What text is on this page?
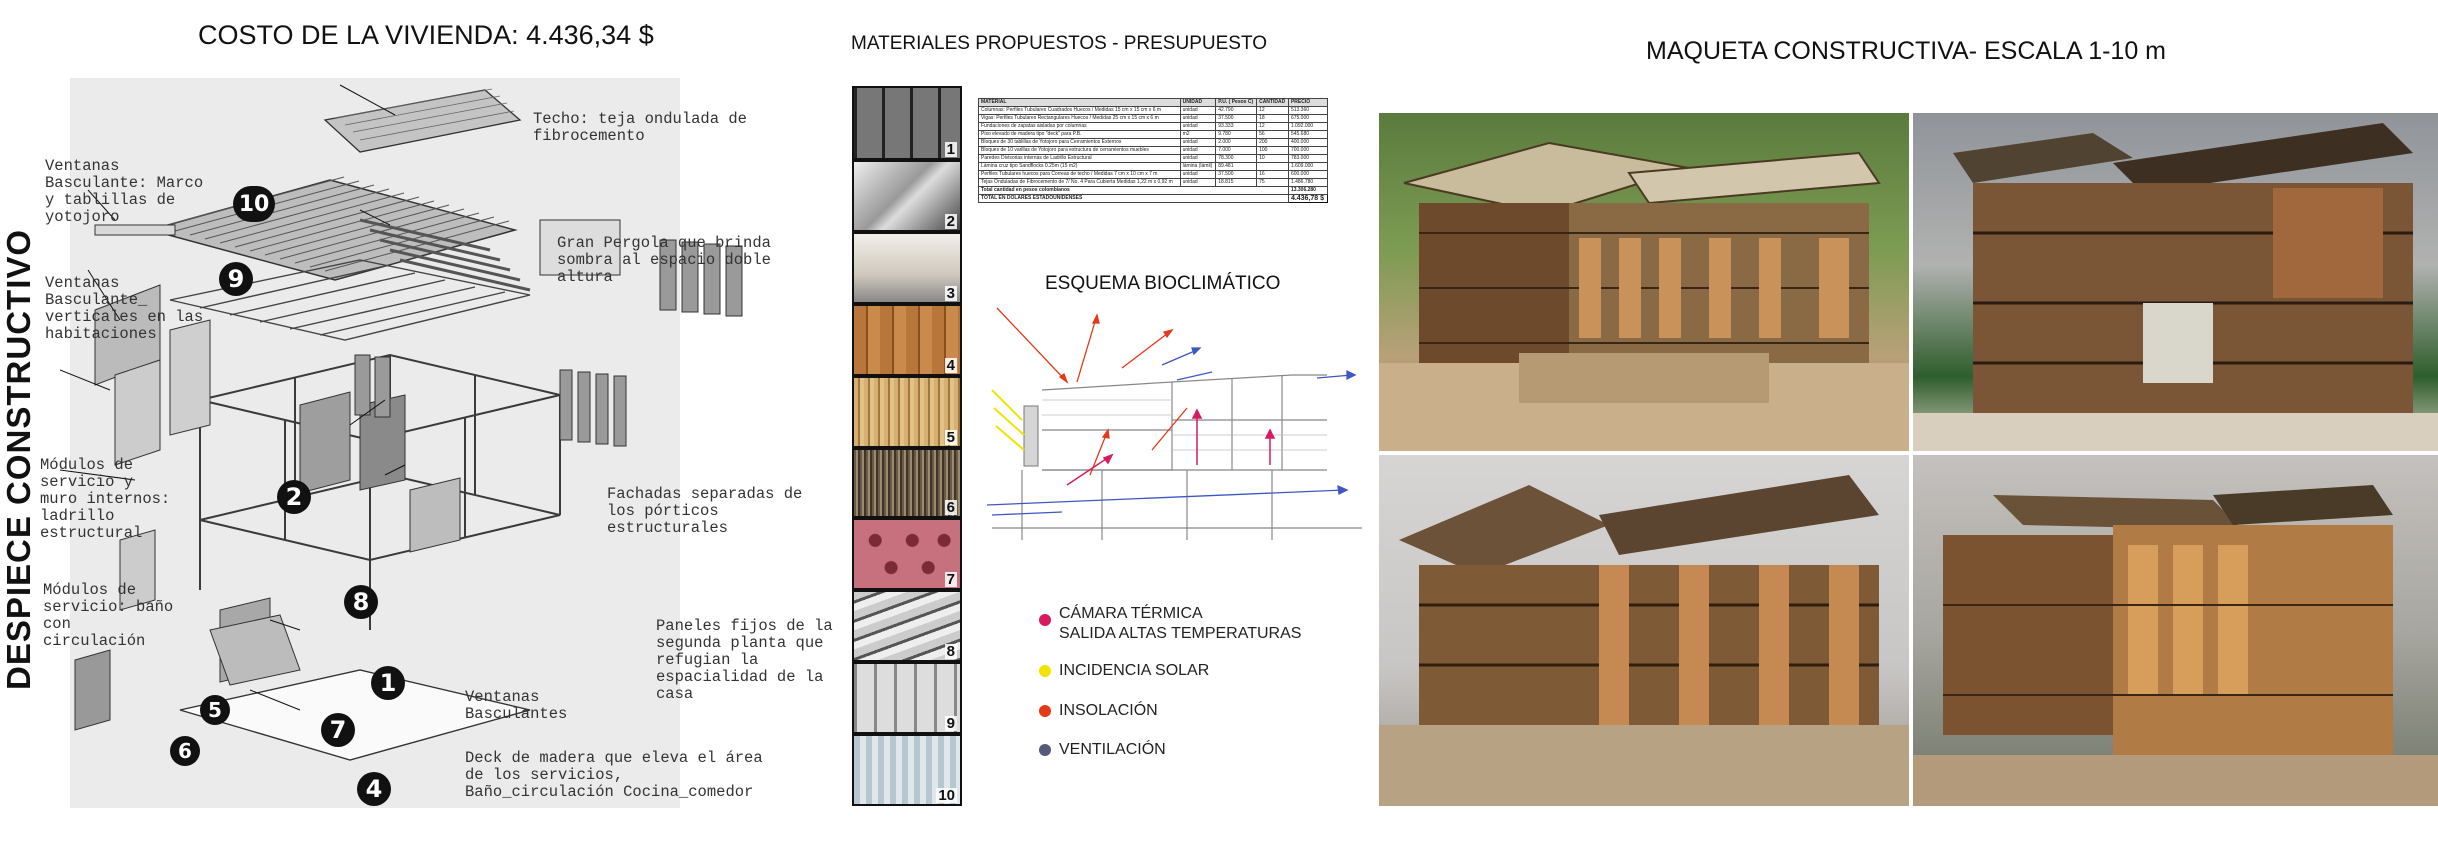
COSTO DE LA VIVIENDA: 4.436,34 $	MATERIALES PROPUESTOS - PRESUPUESTO	MAQUETA CONSTRUCTIVA- ESCALA 1-10 m
DESPIECE CONSTRUCTIVO
Techo: teja ondulada de
fibrocemento
Ventanas
Basculante: Marco
y tablillas de
yotojoro
Ventanas
Basculante_
verticales en las
habitaciones
Gran Pergola que brinda
sombra al espacio doble
altura
Módulos de
servicio y
muro internos:
ladrillo
estructural
Fachadas separadas de
los pórticos
estructurales
Módulos de
servicio: baño
con
circulación
Paneles fijos de la
segunda planta que
refugian la
espacialidad de la
casa
Ventanas
Basculantes
Deck de madera que eleva el área
de los servicios,
Baño_circulación Cocina_comedor
10
9
2
8
1
5
7
6
4
1
2
3
4
5
6
7
8
9
10
MATERIAL	UNIDAD	P.U. ( Pesos C)	CANTIDAD	PRECIO
Columnas: Perfiles Tubulares Cuadrados Huecos / Medidas 15 cm x 15 cm x 6 m	unidad	42.790	12	513.360
Vigas: Perfiles Tubulares Rectangulares Huecos / Medidas 25 cm x 15 cm x 6 m	unidad	37.500	18	675.000
Fundaciones de zapatas aisladas por columnas	unidad	93.333	12	1.092.000
Piso elevado de madera tipo "deck" para P.B.	m2	9.780	56	545.680
Bloques de 30 tablillas de Yotojoro para Cerramientos Externos	unidad	2.000	200	400.000
Bloques de 10 varillas de Yotojoro para estructura de cerramientos muebles	unidad	7.000	100	700.000
Paredes Divisorias internas de Ladrillo Estructural	unidad	78.300	10	783.000
Lámina cruz tipo Sandflocks 0.25m (15 m2)	lámina (lámil)	89.481		1.609.000
Perfiles Tubulares huecos para Correas de techo / Medidas 7 cm x 10 cm x 7 m	unidad	37.500	16	600.000
Tejas Onduladas de Fibrocemento de 7/ No. 4 Para Cubierta Medidas 1,22 m x 0,92 m	unidad	18.815	75	1.486.780
Total cantidad en pesos colombianos				13.306.280
TOTAL EN DOLARES ESTADOUNIDENSES				4.436,78 $
ESQUEMA BIOCLIMÁTICO
CÁMARA TÉRMICA
SALIDA ALTAS TEMPERATURAS
INCIDENCIA SOLAR
INSOLACIÓN
VENTILACIÓN
